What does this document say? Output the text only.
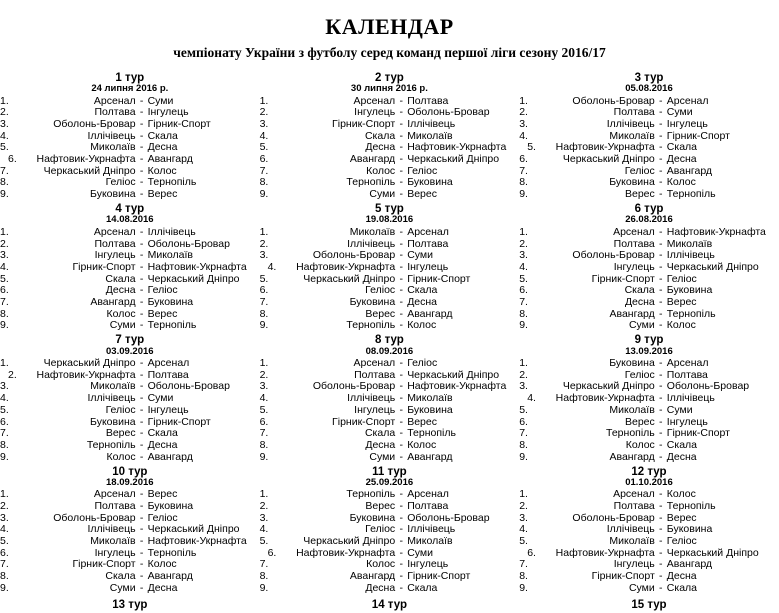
КАЛЕНДАР
чемпіонату України з футболу серед команд першої ліги сезону 2016/17
1 тур
24 липня 2016 р.
1.	Арсенал	-	Суми
2.	Полтава	-	Інгулець
3.	Оболонь-Бровар	-	Гірник-Спорт
4.	Іллічівець	-	Скала
5.	Миколаїв	-	Десна
6.	Нафтовик-Укрнафта	-	Авангард
7.	Черкаський Дніпро	-	Колос
8.	Геліос	-	Тернопіль
9.	Буковина	-	Верес
2 тур
30 липня 2016 р.
1.	Арсенал	-	Полтава
2.	Інгулець	-	Оболонь-Бровар
3.	Гірник-Спорт	-	Іллічівець
4.	Скала	-	Миколаїв
5.	Десна	-	Нафтовик-Укрнафта
6.	Авангард	-	Черкаський Дніпро
7.	Колос	-	Геліос
8.	Тернопіль	-	Буковина
9.	Суми	-	Верес
3 тур
05.08.2016
1.	Оболонь-Бровар	-	Арсенал
2.	Полтава	-	Суми
3.	Іллічівець	-	Інгулець
4.	Миколаїв	-	Гірник-Спорт
5.	Нафтовик-Укрнафта	-	Скала
6.	Черкаський Дніпро	-	Десна
7.	Геліос	-	Авангард
8.	Буковина	-	Колос
9.	Верес	-	Тернопіль
4 тур
14.08.2016
1.	Арсенал	-	Іллічівець
2.	Полтава	-	Оболонь-Бровар
3.	Інгулець	-	Миколаїв
4.	Гірник-Спорт	-	Нафтовик-Укрнафта
5.	Скала	-	Черкаський Дніпро
6.	Десна	-	Геліос
7.	Авангард	-	Буковина
8.	Колос	-	Верес
9.	Суми	-	Тернопіль
5 тур
19.08.2016
1.	Миколаїв	-	Арсенал
2.	Іллічівець	-	Полтава
3.	Оболонь-Бровар	-	Суми
4.	Нафтовик-Укрнафта	-	Інгулець
5.	Черкаський Дніпро	-	Гірник-Спорт
6.	Геліос	-	Скала
7.	Буковина	-	Десна
8.	Верес	-	Авангард
9.	Тернопіль	-	Колос
6 тур
26.08.2016
1.	Арсенал	-	Нафтовик-Укрнафта
2.	Полтава	-	Миколаїв
3.	Оболонь-Бровар	-	Іллічівець
4.	Інгулець	-	Черкаський Дніпро
5.	Гірник-Спорт	-	Геліос
6.	Скала	-	Буковина
7.	Десна	-	Верес
8.	Авангард	-	Тернопіль
9.	Суми	-	Колос
7 тур
03.09.2016
1.	Черкаський Дніпро	-	Арсенал
2.	Нафтовик-Укрнафта	-	Полтава
3.	Миколаїв	-	Оболонь-Бровар
4.	Іллічівець	-	Суми
5.	Геліос	-	Інгулець
6.	Буковина	-	Гірник-Спорт
7.	Верес	-	Скала
8.	Тернопіль	-	Десна
9.	Колос	-	Авангард
8 тур
08.09.2016
1.	Арсенал	-	Геліос
2.	Полтава	-	Черкаський Дніпро
3.	Оболонь-Бровар	-	Нафтовик-Укрнафта
4.	Іллічівець	-	Миколаїв
5.	Інгулець	-	Буковина
6.	Гірник-Спорт	-	Верес
7.	Скала	-	Тернопіль
8.	Десна	-	Колос
9.	Суми	-	Авангард
9 тур
13.09.2016
1.	Буковина	-	Арсенал
2.	Геліос	-	Полтава
3.	Черкаський Дніпро	-	Оболонь-Бровар
4.	Нафтовик-Укрнафта	-	Іллічівець
5.	Миколаїв	-	Суми
6.	Верес	-	Інгулець
7.	Тернопіль	-	Гірник-Спорт
8.	Колос	-	Скала
9.	Авангард	-	Десна
10 тур
18.09.2016
1.	Арсенал	-	Верес
2.	Полтава	-	Буковина
3.	Оболонь-Бровар	-	Геліос
4.	Іллічівець	-	Черкаський Дніпро
5.	Миколаїв	-	Нафтовик-Укрнафта
6.	Інгулець	-	Тернопіль
7.	Гірник-Спорт	-	Колос
8.	Скала	-	Авангард
9.	Суми	-	Десна
11 тур
25.09.2016
1.	Тернопіль	-	Арсенал
2.	Верес	-	Полтава
3.	Буковина	-	Оболонь-Бровар
4.	Геліос	-	Іллічівець
5.	Черкаський Дніпро	-	Миколаїв
6.	Нафтовик-Укрнафта	-	Суми
7.	Колос	-	Інгулець
8.	Авангард	-	Гірник-Спорт
9.	Десна	-	Скала
12 тур
01.10.2016
1.	Арсенал	-	Колос
2.	Полтава	-	Тернопіль
3.	Оболонь-Бровар	-	Верес
4.	Іллічівець	-	Буковина
5.	Миколаїв	-	Геліос
6.	Нафтовик-Укрнафта	-	Черкаський Дніпро
7.	Інгулець	-	Авангард
8.	Гірник-Спорт	-	Десна
9.	Суми	-	Скала
13 тур	14 тур	15 тур
